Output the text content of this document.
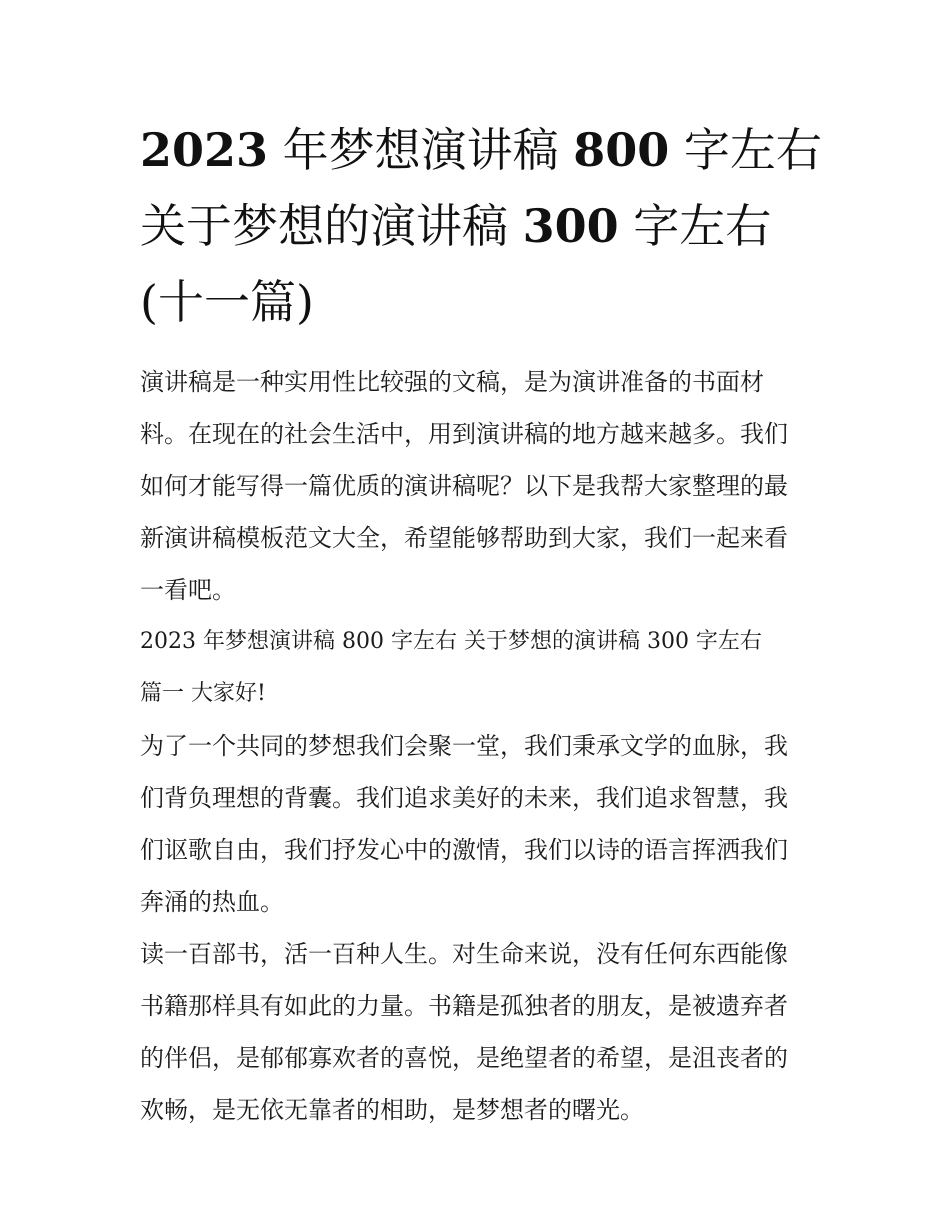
2023 年梦想演讲稿 800 字左右
关于梦想的演讲稿 300 字左右
(十一篇)

演讲稿是一种实用性比较强的文稿，是为演讲准备的书面材
料。在现在的社会生活中，用到演讲稿的地方越来越多。我们
如何才能写得一篇优质的演讲稿呢？以下是我帮大家整理的最
新演讲稿模板范文大全，希望能够帮助到大家，我们一起来看
一看吧。

2023 年梦想演讲稿 800 字左右 关于梦想的演讲稿 300 字左右
篇一 大家好!

为了一个共同的梦想我们会聚一堂，我们秉承文学的血脉，我
们背负理想的背囊。我们追求美好的未来，我们追求智慧，我
们讴歌自由，我们抒发心中的激情，我们以诗的语言挥洒我们
奔涌的热血。

读一百部书，活一百种人生。对生命来说，没有任何东西能像
书籍那样具有如此的力量。书籍是孤独者的朋友，是被遗弃者
的伴侣，是郁郁寡欢者的喜悦，是绝望者的希望，是沮丧者的
欢畅，是无依无靠者的相助，是梦想者的曙光。
